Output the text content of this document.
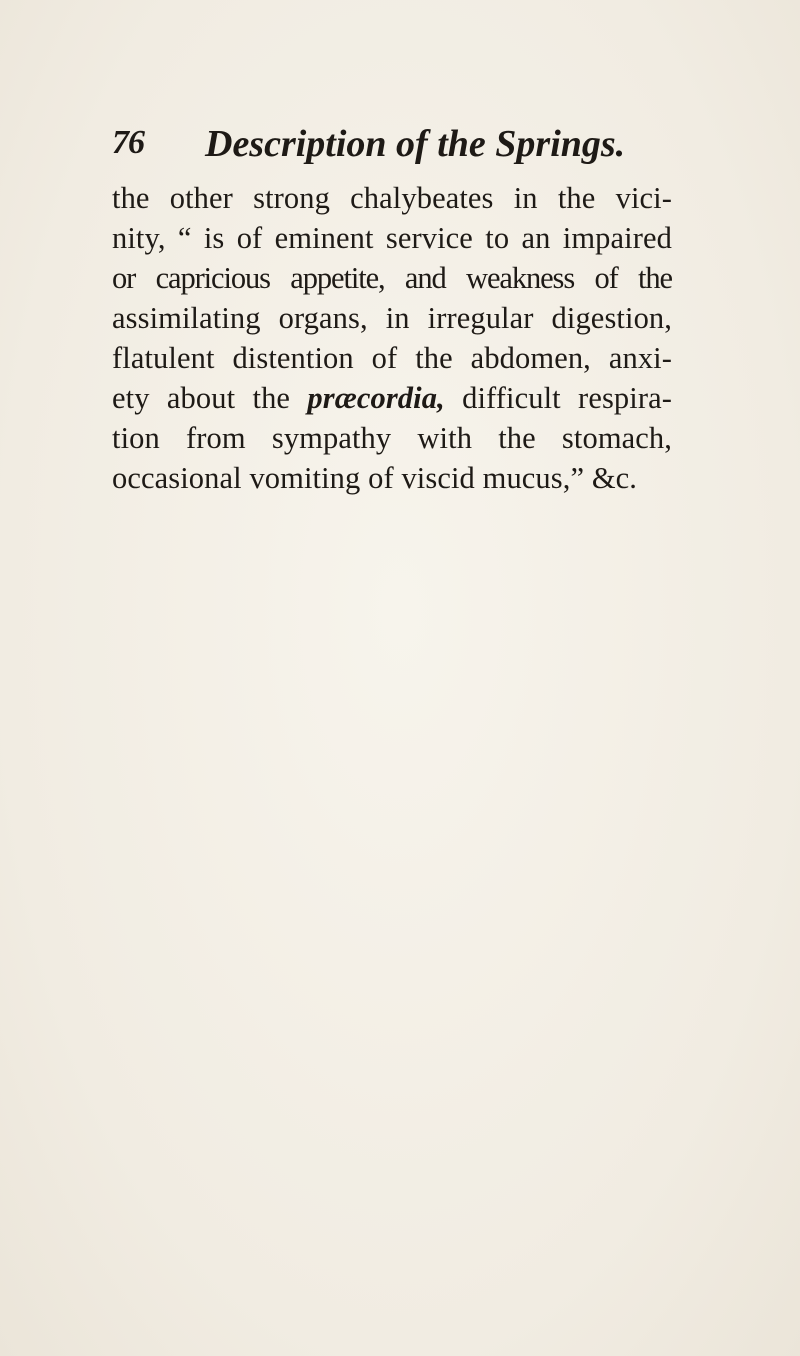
76 Description of the Springs.
the other strong chalybeates in the vici-
nity, “ is of eminent service to an impaired
or capricious appetite, and weakness of the
assimilating organs, in irregular digestion,
flatulent distention of the abdomen, anxi-
ety about the præcordia, difficult respira-
tion from sympathy with the stomach,
occasional vomiting of viscid mucus,” &c.
